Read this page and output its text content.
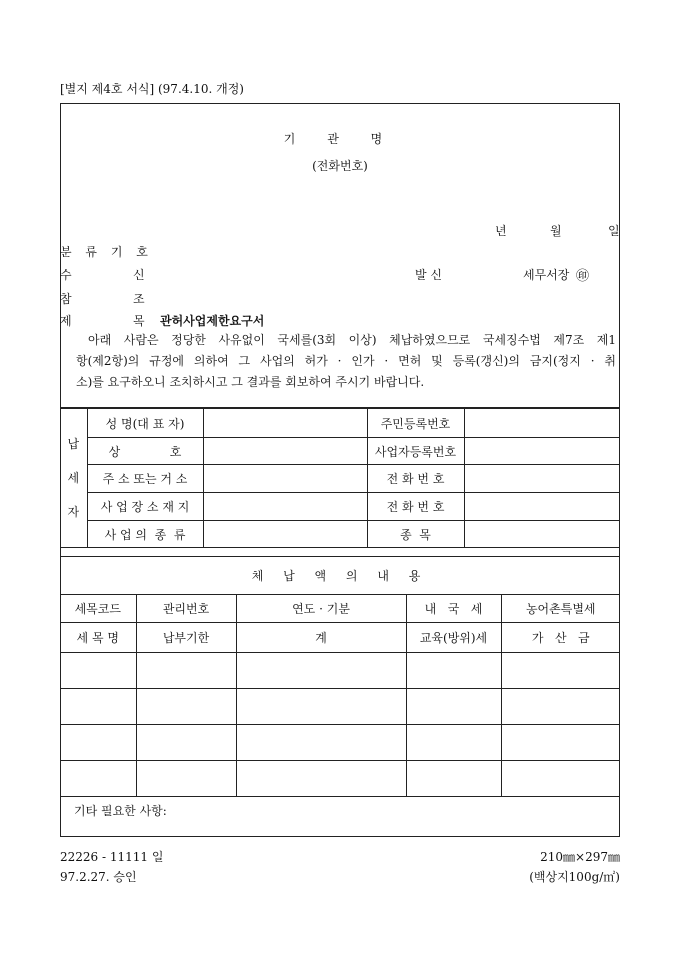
[별지 제4호 서식] (97.4.10. 개정)
기 관 명
(전화번호)
년	월	일
분 류 기 호
수	신	발 신	세무서장 ㊞
참	조
제	목 관허사업제한요구서
아래 사람은 정당한 사유없이 국세를(3회 이상) 체납하였으므로 국세징수법 제7조 제1
항(제2항)의 규정에 의하여 그 사업의 허가 · 인가 · 면허 및 등록(갱신)의 금지(정지 · 취
소)를 요구하오니 조치하시고 그 결과를 회보하여 주시기 바랍니다.
납
세
자	성 명(대 표 자)		주민등록번호	
	상             호		사업자등록번호	
	주 소 또는 거 소		전 화 번 호	
	사 업 장 소 재 지		전 화 번 호	
	사 업 의  종  류		종  목	
체 납 액 의 내 용				
세목코드	관리번호	연도 · 기분	내   국   세	농어촌특별세
세 목 명	납부기한	계	교육(방위)세	가   산   금

기타 필요한 사항:
22226 - 11111 일
97.2.27. 승인
210㎜×297㎜
(백상지100g/㎡)
